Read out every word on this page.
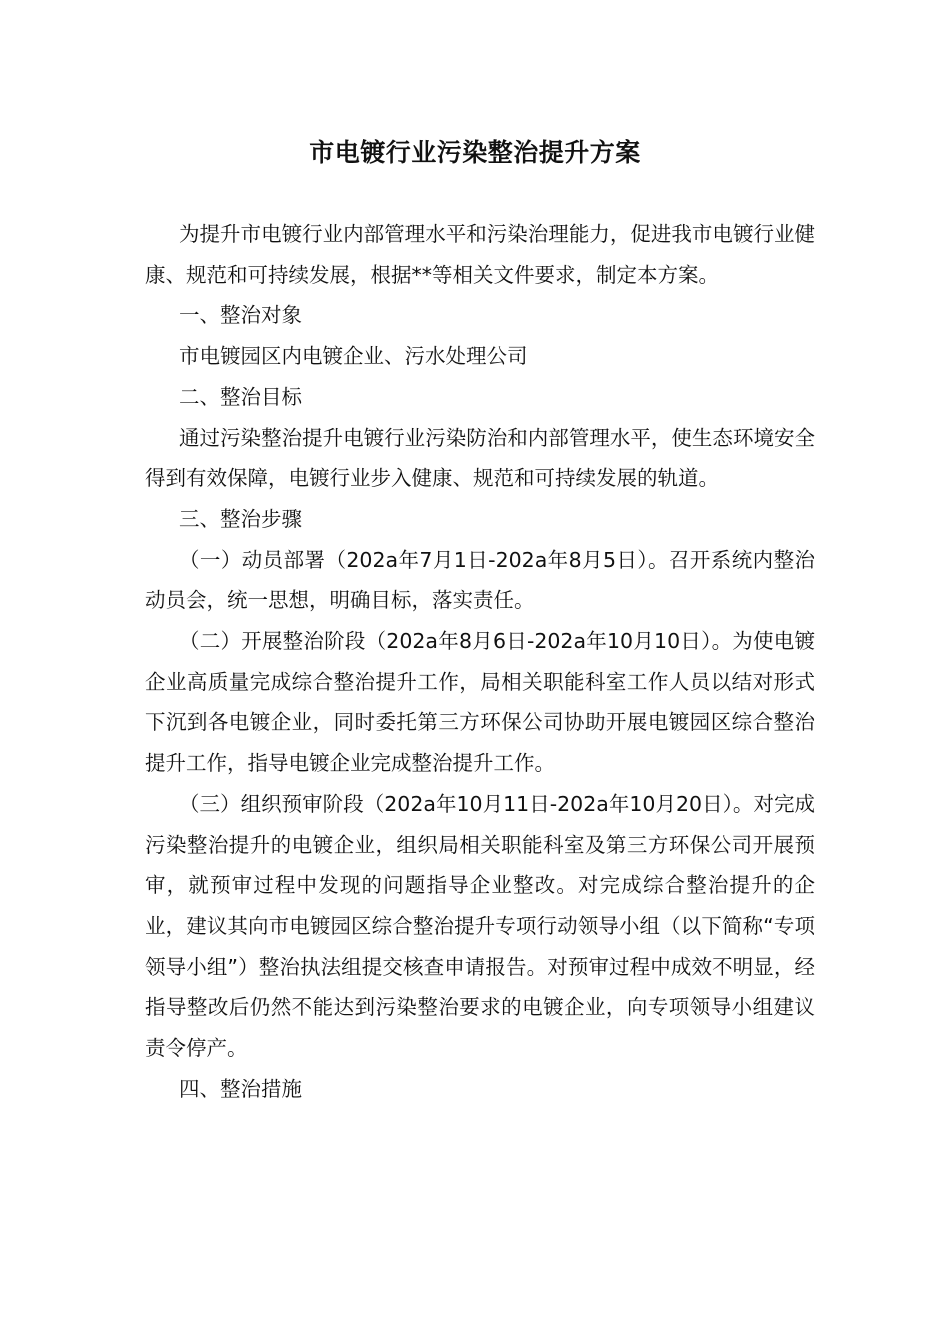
市电镀行业污染整治提升方案

为提升市电镀行业内部管理水平和污染治理能力，促进我市电镀行业健康、规范和可持续发展，根据**等相关文件要求，制定本方案。

一、整治对象

市电镀园区内电镀企业、污水处理公司

二、整治目标

通过污染整治提升电镀行业污染防治和内部管理水平，使生态环境安全得到有效保障，电镀行业步入健康、规范和可持续发展的轨道。

三、整治步骤

（一）动员部署（202a年7月1日-202a年8月5日）。召开系统内整治动员会，统一思想，明确目标，落实责任。

（二）开展整治阶段（202a年8月6日-202a年10月10日）。为使电镀企业高质量完成综合整治提升工作，局相关职能科室工作人员以结对形式下沉到各电镀企业，同时委托第三方环保公司协助开展电镀园区综合整治提升工作，指导电镀企业完成整治提升工作。

（三）组织预审阶段（202a年10月11日-202a年10月20日）。对完成污染整治提升的电镀企业，组织局相关职能科室及第三方环保公司开展预审，就预审过程中发现的问题指导企业整改。对完成综合整治提升的企业，建议其向市电镀园区综合整治提升专项行动领导小组（以下简称“专项领导小组”）整治执法组提交核查申请报告。对预审过程中成效不明显，经指导整改后仍然不能达到污染整治要求的电镀企业，向专项领导小组建议责令停产。

四、整治措施
